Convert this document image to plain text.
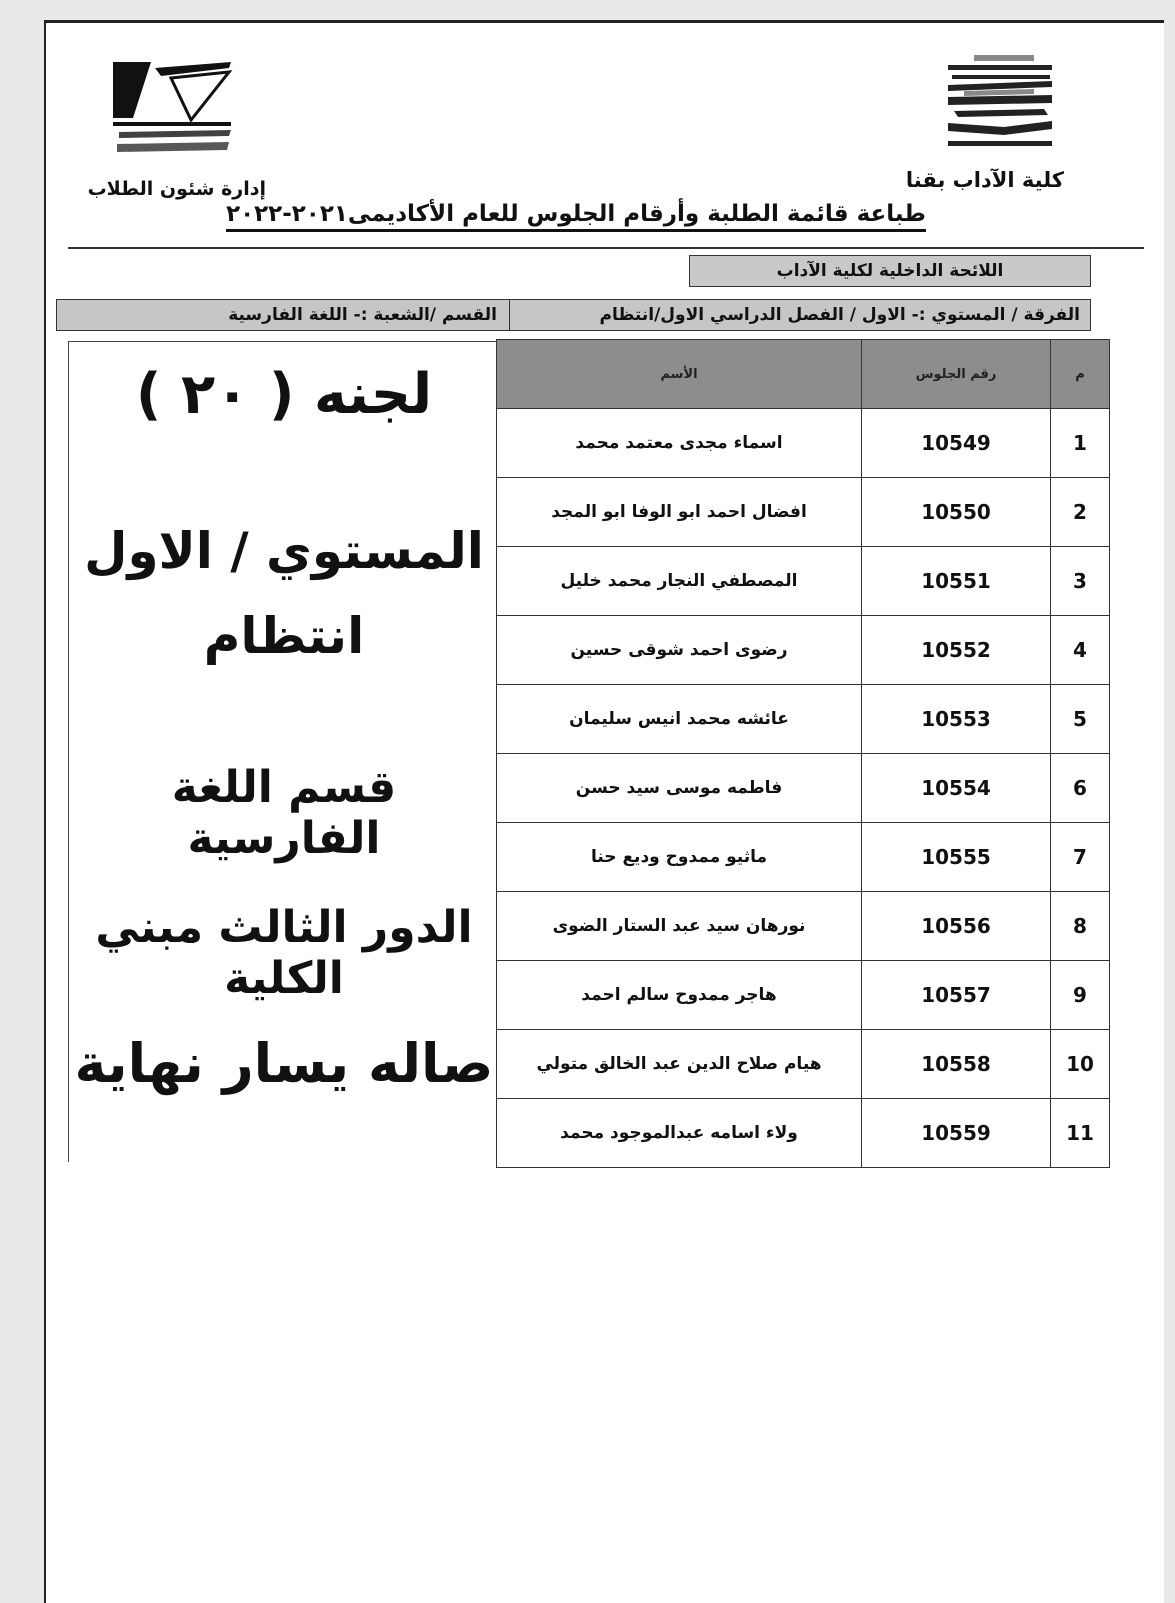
كلية الآداب بقنا
إدارة شئون الطلاب
طباعة قائمة الطلبة وأرقام الجلوس للعام الأكاديمى٢٠٢١-٢٠٢٢
اللائحة الداخلية لكلية الآداب
الفرقة / المستوي :- الاول / الفصل الدراسي الاول/انتظام
القسم /الشعبة :- اللغة الفارسية
لجنه ( ٢٠ )
المستوي / الاول
انتظام
قسم اللغة الفارسية
الدور الثالث مبني الكلية
صاله يسار نهاية
م	رقم الجلوس	الأسم
1	10549	اسماء مجدى معتمد محمد
2	10550	افضال احمد ابو الوفا ابو المجد
3	10551	المصطفي النجار محمد خليل
4	10552	رضوى احمد شوقى حسين
5	10553	عائشه محمد انيس سليمان
6	10554	فاطمه موسى سيد حسن
7	10555	ماثيو ممدوح وديع حنا
8	10556	نورهان سيد عبد الستار الضوى
9	10557	هاجر ممدوح سالم احمد
10	10558	هيام صلاح الدين عبد الخالق متولي
11	10559	ولاء اسامه عبدالموجود محمد
